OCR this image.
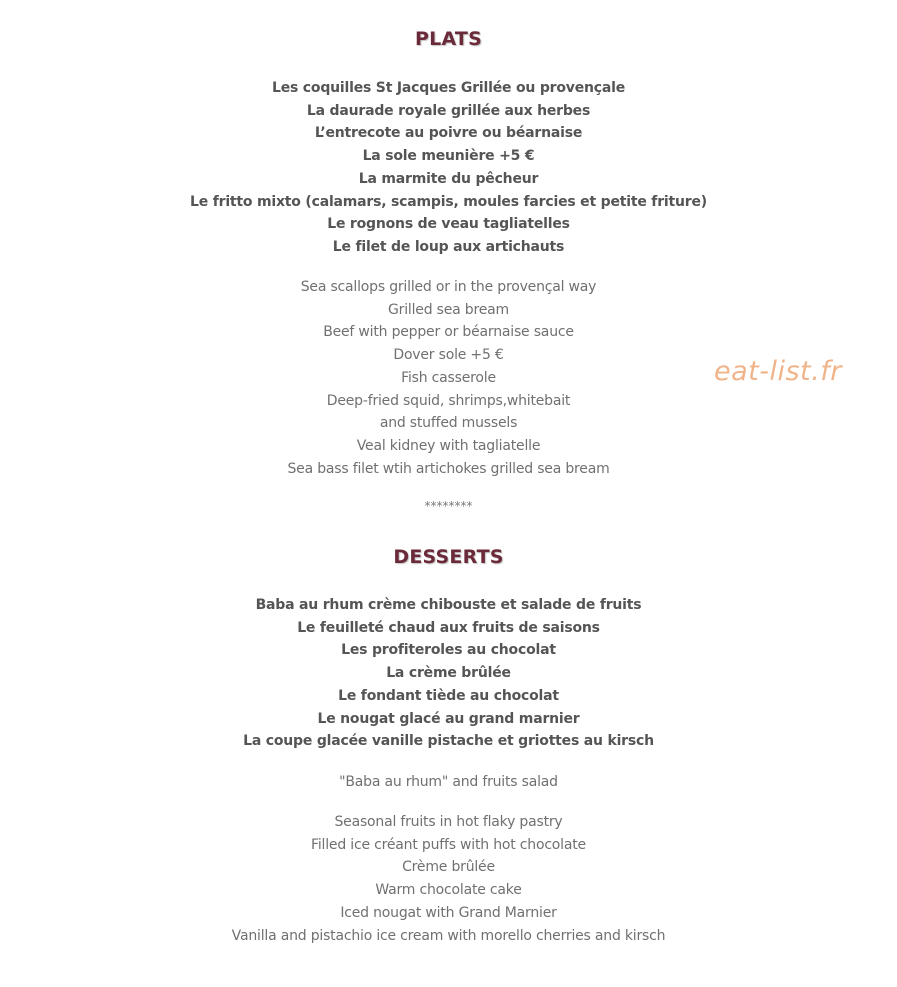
PLATS
Les coquilles St Jacques Grillée ou provençale
La daurade royale grillée aux herbes
L’entrecote au poivre ou béarnaise
La sole meunière +5 €
La marmite du pêcheur
Le fritto mixto (calamars, scampis, moules farcies et petite friture)
Le rognons de veau tagliatelles
Le filet de loup aux artichauts
Sea scallops grilled or in the provençal way
Grilled sea bream
Beef with pepper or béarnaise sauce
Dover sole +5 €
Fish casserole
Deep-fried squid, shrimps,whitebait
and stuffed mussels
Veal kidney with tagliatelle
Sea bass filet wtih artichokes grilled sea bream
********
DESSERTS
Baba au rhum crème chibouste et salade de fruits
Le feuilleté chaud aux fruits de saisons
Les profiteroles au chocolat
La crème brûlée
Le fondant tiède au chocolat
Le nougat glacé au grand marnier
La coupe glacée vanille pistache et griottes au kirsch
"Baba au rhum" and fruits salad
Seasonal fruits in hot flaky pastry
Filled ice créant puffs with hot chocolate
Crème brûlée
Warm chocolate cake
Iced nougat with Grand Marnier
Vanilla and pistachio ice cream with morello cherries and kirsch
eat-list.fr
